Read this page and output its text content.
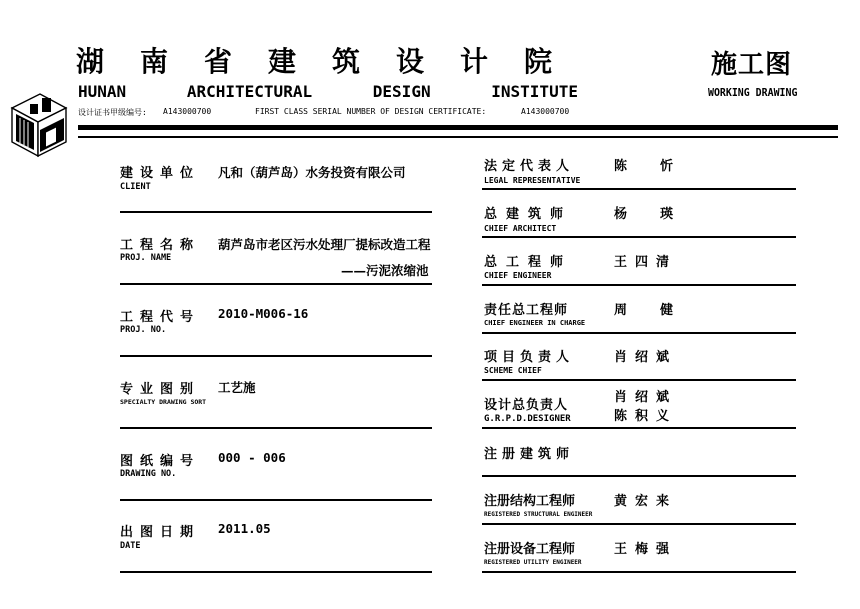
湖南省建筑设计院	施工图
HUNAN	ARCHITECTURAL	DESIGN	INSTITUTE	WORKING DRAWING
设计证书甲级编号: A143000700	FIRST CLASS SERIAL NUMBER OF DESIGN CERTIFICATE:	A143000700
建设单位
CLIENT
凡和（葫芦岛）水务投资有限公司
工程名称
PROJ. NAME
葫芦岛市老区污水处理厂提标改造工程
——污泥浓缩池
工程代号
PROJ. NO.
2010-M006-16
专业图别
SPECIALTY DRAWING SORT
工艺施
图纸编号
DRAWING NO.
000 - 006
出图日期
DATE
2011.05
法定代表人
LEGAL REPRESENTATIVE
陈  忻
总建筑师
CHIEF ARCHITECT
杨  瑛
总工程师
CHIEF ENGINEER
王四清
责任总工程师
CHIEF ENGINEER IN CHARGE
周  健
项目负责人
SCHEME CHIEF
肖绍斌
设计总负责人
G.R.P.D.DESIGNER
肖绍斌
陈积义
注册建筑师
注册结构工程师
REGISTERED STRUCTURAL ENGINEER
黄宏来
注册设备工程师
REGISTERED UTILITY ENGINEER
王梅强
